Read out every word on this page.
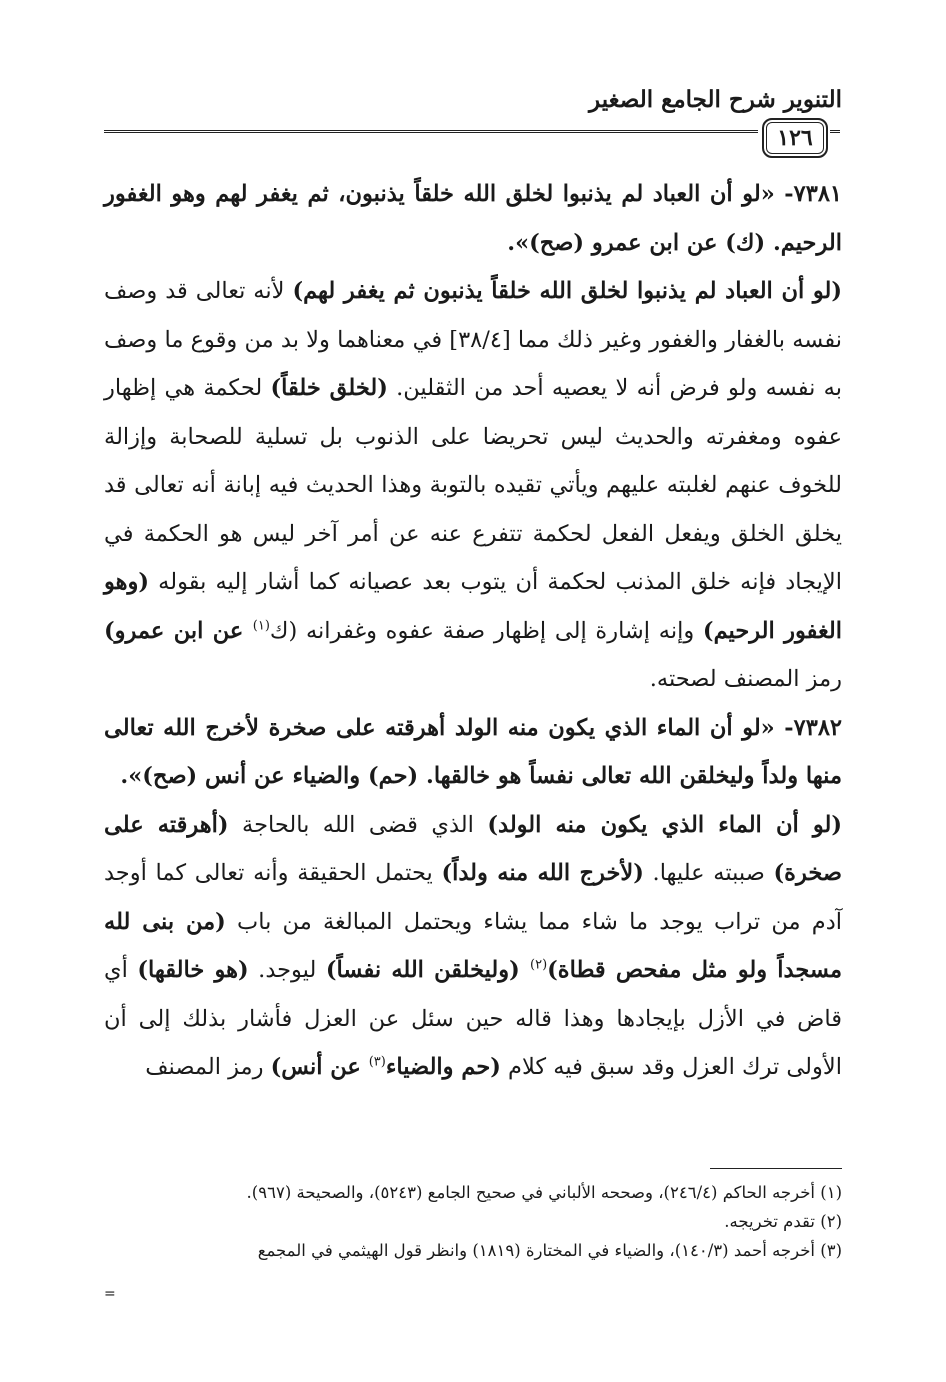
التنوير شرح الجامع الصغير
١٢٦

٧٣٨١- «لو أن العباد لم يذنبوا لخلق الله خلقاً يذنبون، ثم يغفر لهم وهو الغفور الرحيم. (ك) عن ابن عمرو (صح)».

(لو أن العباد لم يذنبوا لخلق الله خلقاً يذنبون ثم يغفر لهم) لأنه تعالى قد وصف نفسه بالغفار والغفور وغير ذلك مما [٣٨/٤] في معناهما ولا بد من وقوع ما وصف به نفسه ولو فرض أنه لا يعصيه أحد من الثقلين. (لخلق خلقاً) لحكمة هي إظهار عفوه ومغفرته والحديث ليس تحريضا على الذنوب بل تسلية للصحابة وإزالة للخوف عنهم لغلبته عليهم ويأتي تقيده بالتوبة وهذا الحديث فيه إبانة أنه تعالى قد يخلق الخلق ويفعل الفعل لحكمة تتفرع عنه عن أمر آخر ليس هو الحكمة في الإيجاد فإنه خلق المذنب لحكمة أن يتوب بعد عصيانه كما أشار إليه بقوله (وهو الغفور الرحيم) وإنه إشارة إلى إظهار صفة عفوه وغفرانه (ك$^{(١)}$ عن ابن عمرو) رمز المصنف لصحته.

٧٣٨٢- «لو أن الماء الذي يكون منه الولد أهرقته على صخرة لأخرج الله تعالى منها ولداً وليخلقن الله تعالى نفساً هو خالقها. (حم) والضياء عن أنس (صح)».

(لو أن الماء الذي يكون منه الولد) الذي قضى الله بالحاجة (أهرقته على صخرة) صببته عليها. (لأخرج الله منه ولداً) يحتمل الحقيقة وأنه تعالى كما أوجد آدم من تراب يوجد ما شاء مما يشاء ويحتمل المبالغة من باب (من بنى لله مسجداً ولو مثل مفحص قطاة)$^{(٢)}$ (وليخلقن الله نفساً) ليوجد. (هو خالقها) أي قاض في الأزل بإيجادها وهذا قاله حين سئل عن العزل فأشار بذلك إلى أن الأولى ترك العزل وقد سبق فيه كلام (حم والضياء$^{(٣)}$ عن أنس) رمز المصنف

(١) أخرجه الحاكم (٢٤٦/٤)، وصححه الألباني في صحيح الجامع (٥٢٤٣)، والصحيحة (٩٦٧).

(٢) تقدم تخريجه.

(٣) أخرجه أحمد (١٤٠/٣)، والضياء في المختارة (١٨١٩) وانظر قول الهيثمي في المجمع

=
